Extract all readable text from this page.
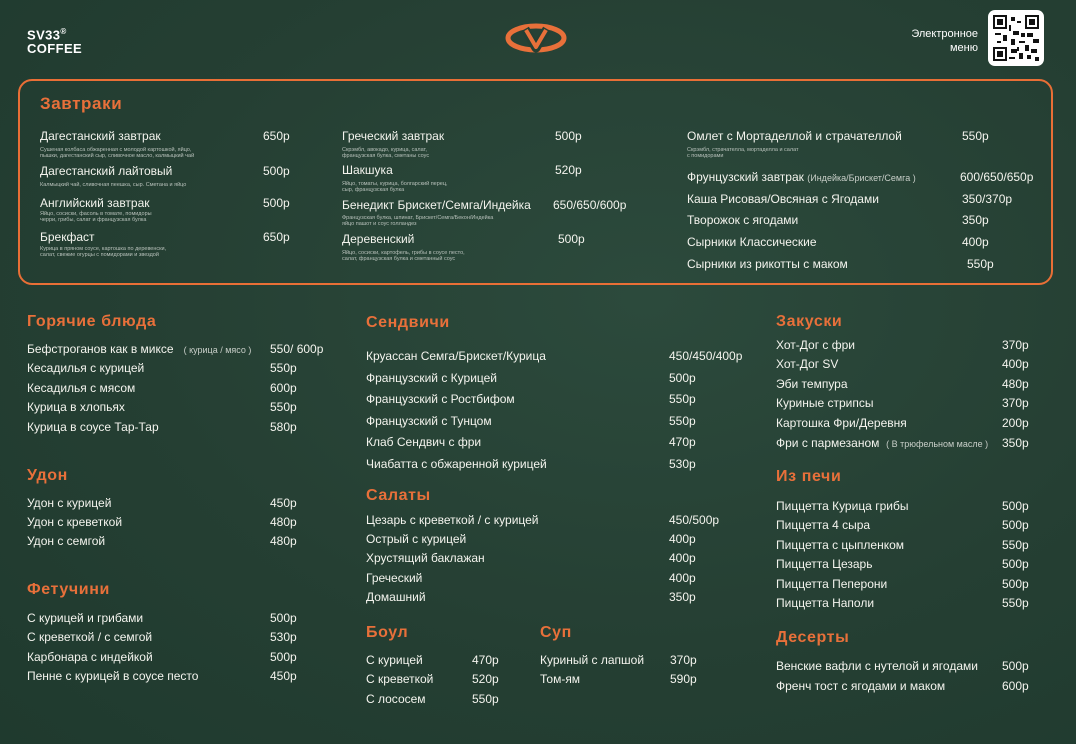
SV33®
COFFEE
Электронное
меню
Завтраки
Дагестанский завтрак	650р
Сушеная колбаса обжаренная с молодой картошкой, яйцо,
пышки, дагестанский сыр, сливочное масло, калмыцкий чай
Дагестанский лайтовый	500р
Калмыцкий чай, сливочная пеешка, сыр. Сметана и яйцо
Английский завтрак	500р
Яйцо, сосиски, фасоль в томате, помидоры
черри, грибы, салат и французская булка
Брекфаст	650р
Курица в пряном соусе, картошка по деревенски,
салат, свежие огурцы с помидорами и звездой
Греческий завтрак	500р
Скрэмбл, авокадо, курица, салат,
французская булка, сметаны соус
Шакшука	520р
Яйцо, томаты, курица, болгарский перец,
сыр, французская булка
Бенедикт Брискет/Семга/Индейка 650/650/600р
Французская булка, шпинат, Брискет/Семга/Бекон/Индейка
яйцо пашот и соус голландез
Деревенский	500р
Яйцо, сосиски, картофель, грибы в соусе песто,
салат, французская булка и сметанный соус
Омлет с Мортаделлой и страчателлой	550р
Скрэмбл, страчателла, мортаделла и салат
с помидорами
Фрунцузский завтрак (Индейка/Брискет/Семга )	600/650/650р
Каша Рисовая/Овсяная с Ягодами	350/370р
Творожок с ягодами	350р
Сырники Классические	400р
Сырники из рикотты с маком	550р
Горячие блюда
Бефстроганов как в миксе ( курица / мясо ) 550/ 600р
Кесадилья с курицей	550р
Кесадилья с мясом	600р
Курица в хлопьях	550р
Курица в соусе Тар-Тар	580р
Удон
Удон с курицей	450р
Удон с креветкой	480р
Удон с семгой	480р
Фетучини
С курицей и грибами	500р
С креветкой / с семгой	530р
Карбонара с индейкой	500р
Пенне с курицей в соусе песто	450р
Сендвичи
Круассан Семга/Брискет/Курица	450/450/400р
Французский с Курицей	500р
Французский с Ростбифом	550р
Французский с Тунцом	550р
Клаб Сендвич с фри	470р
Чиабатта с обжаренной курицей	530р
Салаты
Цезарь с креветкой / с курицей	450/500р
Острый с курицей	400р
Хрустящий баклажан	400р
Греческий	400р
Домашний	350р
Боул
С курицей	470р
С креветкой	520р
С лососем	550р
Суп
Куриный с лапшой 370р
Том-ям	590р
Закуски
Хот-Дог с фри	370р
Хот-Дог SV	400р
Эби темпура	480р
Куриные стрипсы	370р
Картошка Фри/Деревня	200р
Фри с пармезаном ( В трюфельном масле ) 350р
Из печи
Пиццетта Курица грибы	500р
Пиццетта 4 сыра	500р
Пиццетта с цыпленком	550р
Пиццетта Цезарь	500р
Пиццетта Пеперони	500р
Пиццетта Наполи	550р
Десерты
Венские вафли с нутелой и ягодами 500р
Френч тост с ягодами и маком	600р
